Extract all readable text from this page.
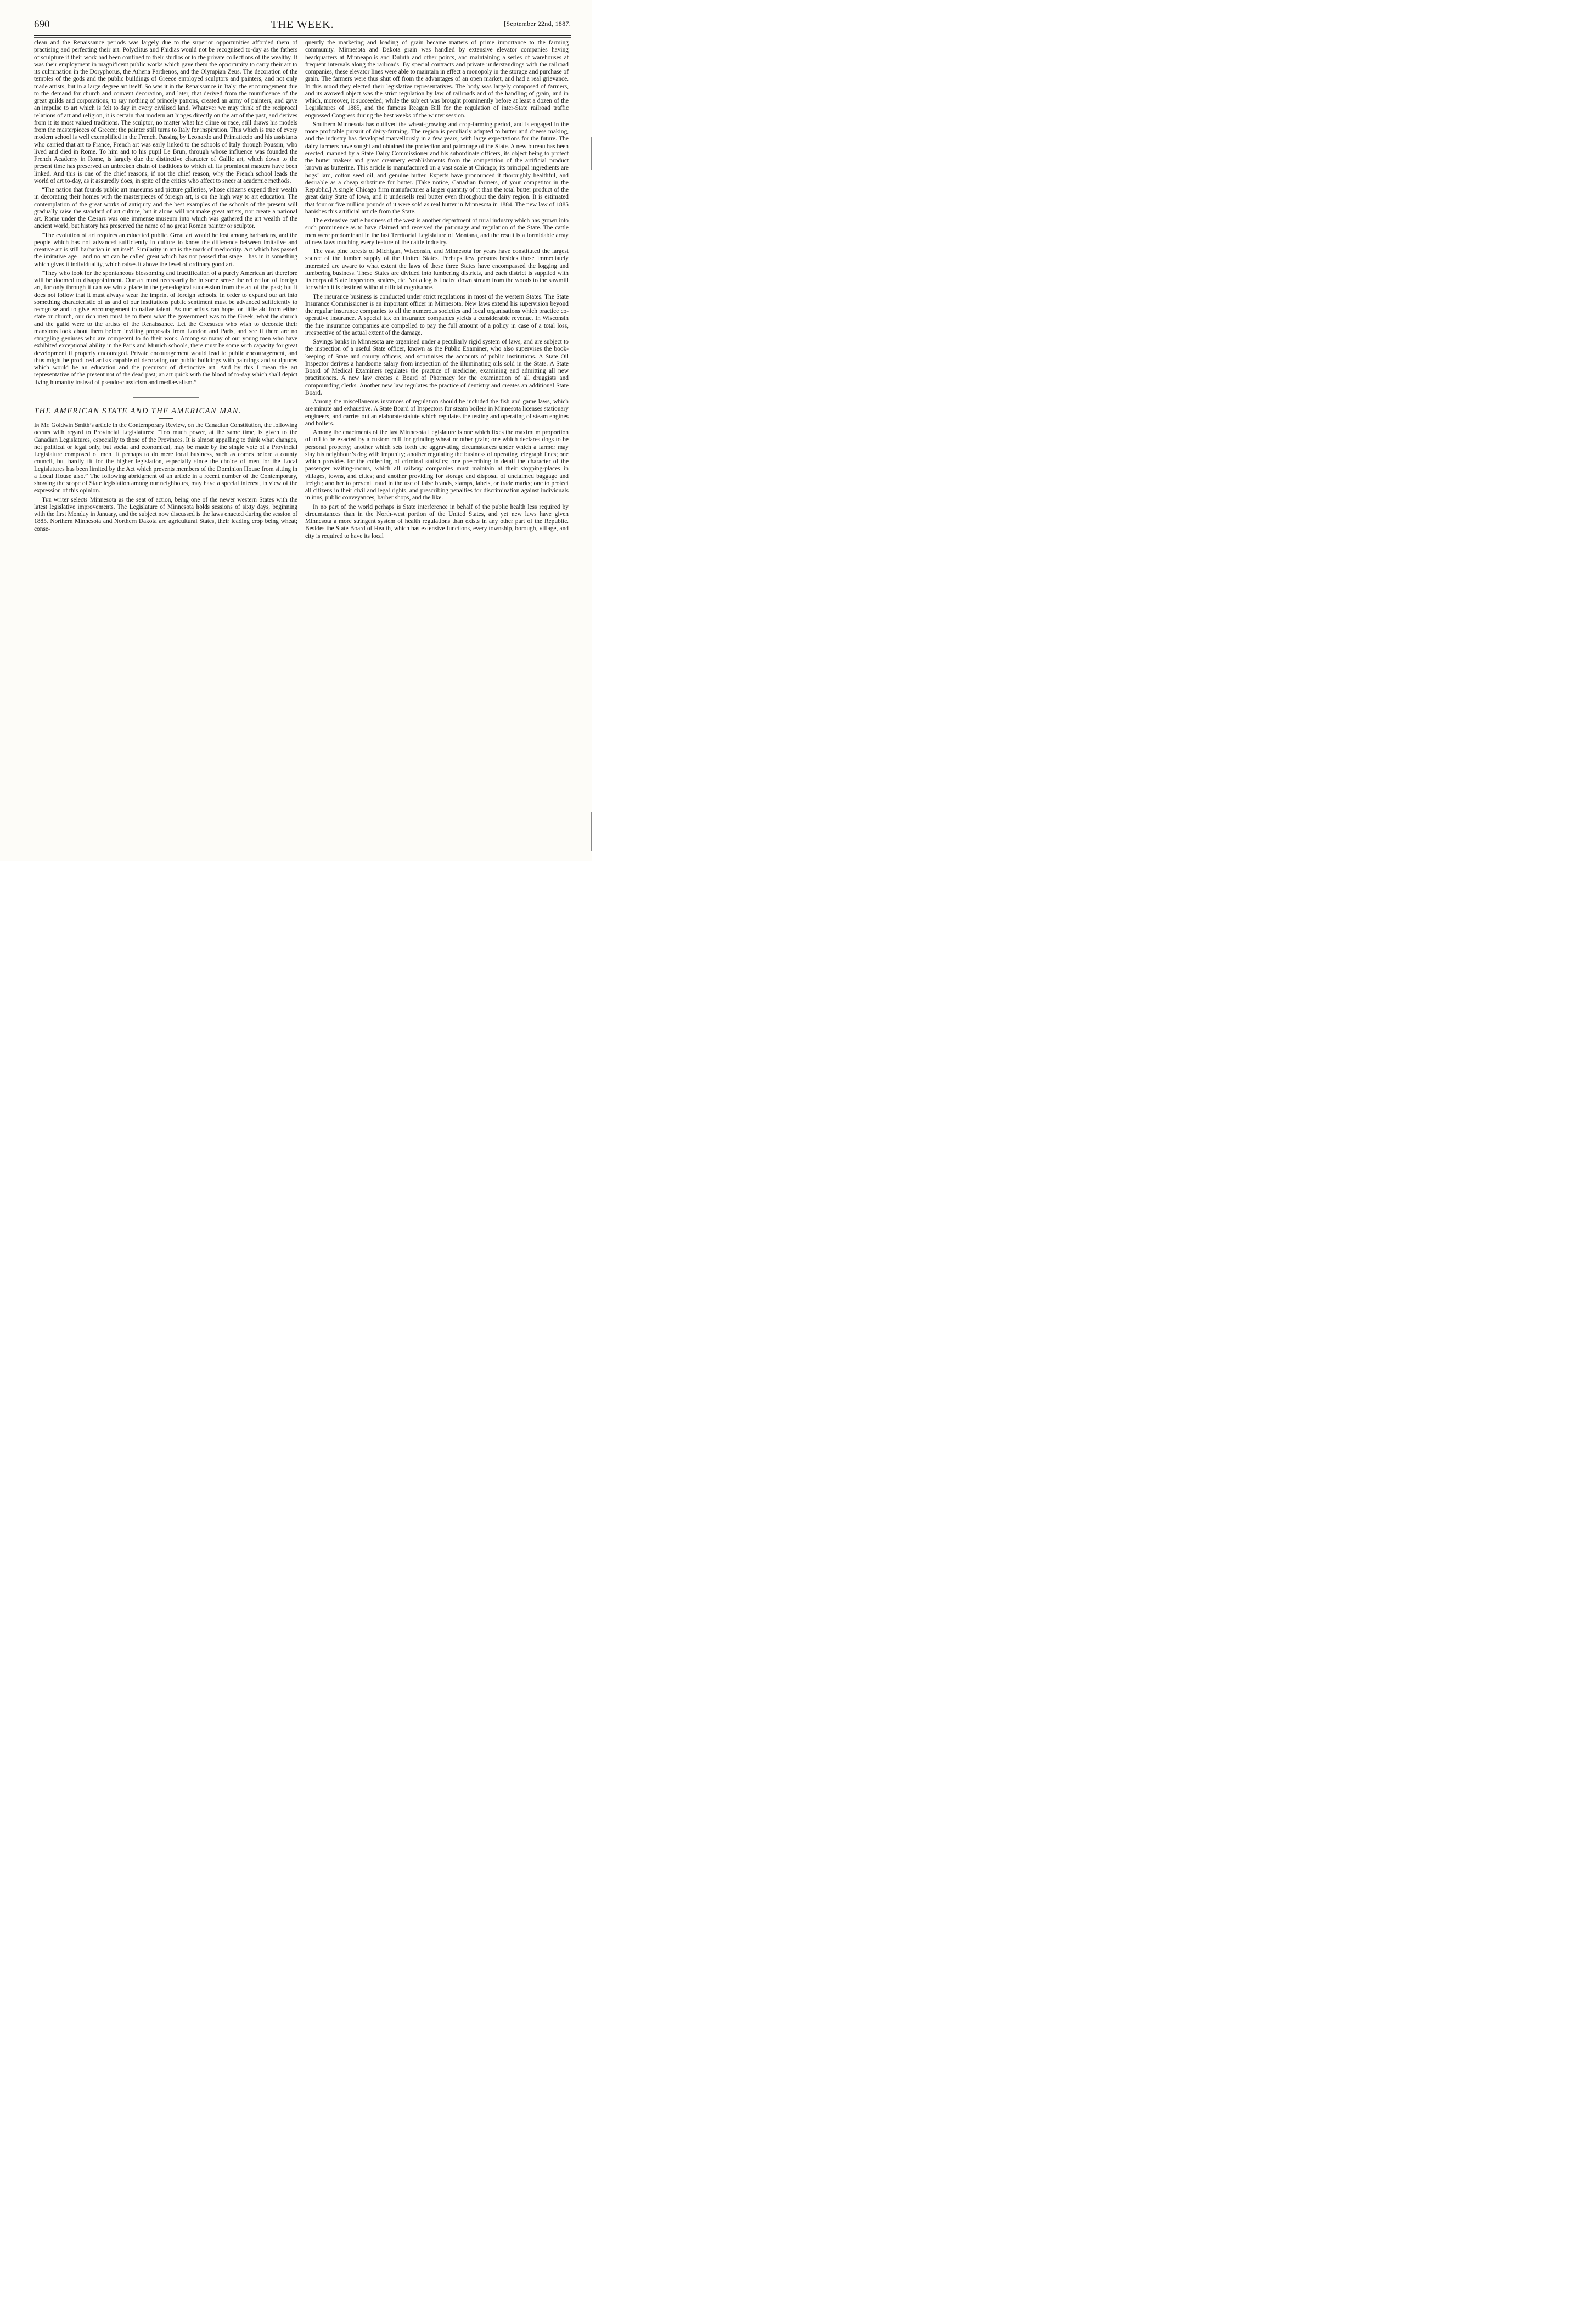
690	THE WEEK.	[September 22nd, 1887.

clean and the Renaissance periods was largely due to the superior opportunities afforded them of practising and perfecting their art. Polyclitus and Phidias would not be recognised to-day as the fathers of sculpture if their work had been confined to their studios or to the private collections of the wealthy. It was their employment in magnificent public works which gave them the opportunity to carry their art to its culmination in the Doryphorus, the Athena Parthenos, and the Olympian Zeus. The decoration of the temples of the gods and the public buildings of Greece employed sculptors and painters, and not only made artists, but in a large degree art itself. So was it in the Renaissance in Italy; the encouragement due to the demand for church and convent decoration, and later, that derived from the munificence of the great guilds and corporations, to say nothing of princely patrons, created an army of painters, and gave an impulse to art which is felt to day in every civilised land. Whatever we may think of the reciprocal relations of art and religion, it is certain that modern art hinges directly on the art of the past, and derives from it its most valued traditions. The sculptor, no matter what his clime or race, still draws his models from the masterpieces of Greece; the painter still turns to Italy for inspiration. This which is true of every modern school is well exemplified in the French. Passing by Leonardo and Primaticcio and his assistants who carried that art to France, French art was early linked to the schools of Italy through Poussin, who lived and died in Rome. To him and to his pupil Le Brun, through whose influence was founded the French Academy in Rome, is largely due the distinctive character of Gallic art, which down to the present time has preserved an unbroken chain of traditions to which all its prominent masters have been linked. And this is one of the chief reasons, if not the chief reason, why the French school leads the world of art to-day, as it assuredly does, in spite of the critics who affect to sneer at academic methods.

“The nation that founds public art museums and picture galleries, whose citizens expend their wealth in decorating their homes with the masterpieces of foreign art, is on the high way to art education. The contemplation of the great works of antiquity and the best examples of the schools of the present will gradually raise the standard of art culture, but it alone will not make great artists, nor create a national art. Rome under the Cæsars was one immense museum into which was gathered the art wealth of the ancient world, but history has preserved the name of no great Roman painter or sculptor.

“The evolution of art requires an educated public. Great art would be lost among barbarians, and the people which has not advanced sufficiently in culture to know the difference between imitative and creative art is still barbarian in art itself. Similarity in art is the mark of mediocrity. Art which has passed the imitative age—and no art can be called great which has not passed that stage—has in it something which gives it individuality, which raises it above the level of ordinary good art.

“They who look for the spontaneous blossoming and fructification of a purely American art therefore will be doomed to disappointment. Our art must necessarily be in some sense the reflection of foreign art, for only through it can we win a place in the genealogical succession from the art of the past; but it does not follow that it must always wear the imprint of foreign schools. In order to expand our art into something characteristic of us and of our institutions public sentiment must be advanced sufficiently to recognise and to give encouragement to native talent. As our artists can hope for little aid from either state or church, our rich men must be to them what the government was to the Greek, what the church and the guild were to the artists of the Renaissance. Let the Crœsuses who wish to decorate their mansions look about them before inviting proposals from London and Paris, and see if there are no struggling geniuses who are competent to do their work. Among so many of our young men who have exhibited exceptional ability in the Paris and Munich schools, there must be some with capacity for great development if properly encouraged. Private encouragement would lead to public encouragement, and thus might be produced artists capable of decorating our public buildings with paintings and sculptures which would be an education and the precursor of distinctive art. And by this I mean the art representative of the present not of the dead past; an art quick with the blood of to-day which shall depict living humanity instead of pseudo-classicism and mediævalism.”

THE AMERICAN STATE AND THE AMERICAN MAN.

In Mr. Goldwin Smith’s article in the Contemporary Review, on the Canadian Constitution, the following occurs with regard to Provincial Legislatures: “Too much power, at the same time, is given to the Canadian Legislatures, especially to those of the Provinces. It is almost appalling to think what changes, not political or legal only, but social and economical, may be made by the single vote of a Provincial Legislature composed of men fit perhaps to do mere local business, such as comes before a county council, but hardly fit for the higher legislation, especially since the choice of men for the Local Legislatures has been limited by the Act which prevents members of the Dominion House from sitting in a Local House also.” The following abridgment of an article in a recent number of the Contemporary, showing the scope of State legislation among our neighbours, may have a special interest, in view of the expression of this opinion.

The writer selects Minnesota as the seat of action, being one of the newer western States with the latest legislative improvements. The Legislature of Minnesota holds sessions of sixty days, beginning with the first Monday in January, and the subject now discussed is the laws enacted during the session of 1885. Northern Minnesota and Northern Dakota are agricultural States, their leading crop being wheat; conse-

quently the marketing and loading of grain became matters of prime importance to the farming community. Minnesota and Dakota grain was handled by extensive elevator companies having headquarters at Minneapolis and Duluth and other points, and maintaining a series of warehouses at frequent intervals along the railroads. By special contracts and private understandings with the railroad companies, these elevator lines were able to maintain in effect a monopoly in the storage and purchase of grain. The farmers were thus shut off from the advantages of an open market, and had a real grievance. In this mood they elected their legislative representatives. The body was largely composed of farmers, and its avowed object was the strict regulation by law of railroads and of the handling of grain, and in which, moreover, it succeeded; while the subject was brought prominently before at least a dozen of the Legislatures of 1885, and the famous Reagan Bill for the regulation of inter-State railroad traffic engrossed Congress during the best weeks of the winter session.

Southern Minnesota has outlived the wheat-growing and crop-farming period, and is engaged in the more profitable pursuit of dairy-farming. The region is peculiarly adapted to butter and cheese making, and the industry has developed marvellously in a few years, with large expectations for the future. The dairy farmers have sought and obtained the protection and patronage of the State. A new bureau has been erected, manned by a State Dairy Commissioner and his subordinate officers, its object being to protect the butter makers and great creamery establishments from the competition of the artificial product known as butterine. This article is manufactured on a vast scale at Chicago; its principal ingredients are hogs’ lard, cotton seed oil, and genuine butter. Experts have pronounced it thoroughly healthful, and desirable as a cheap substitute for butter. [Take notice, Canadian farmers, of your competitor in the Republic.] A single Chicago firm manufactures a larger quantity of it than the total butter product of the great dairy State of Iowa, and it undersells real butter even throughout the dairy region. It is estimated that four or five million pounds of it were sold as real butter in Minnesota in 1884. The new law of 1885 banishes this artificial article from the State.

The extensive cattle business of the west is another department of rural industry which has grown into such prominence as to have claimed and received the patronage and regulation of the State. The cattle men were predominant in the last Territorial Legislature of Montana, and the result is a formidable array of new laws touching every feature of the cattle industry.

The vast pine forests of Michigan, Wisconsin, and Minnesota for years have constituted the largest source of the lumber supply of the United States. Perhaps few persons besides those immediately interested are aware to what extent the laws of these three States have encompassed the logging and lumbering business. These States are divided into lumbering districts, and each district is supplied with its corps of State inspectors, scalers, etc. Not a log is floated down stream from the woods to the sawmill for which it is destined without official cognisance.

The insurance business is conducted under strict regulations in most of the western States. The State Insurance Commissioner is an important officer in Minnesota. New laws extend his supervision beyond the regular insurance companies to all the numerous societies and local organisations which practice co-operative insurance. A special tax on insurance companies yields a considerable revenue. In Wisconsin the fire insurance companies are compelled to pay the full amount of a policy in case of a total loss, irrespective of the actual extent of the damage.

Savings banks in Minnesota are organised under a peculiarly rigid system of laws, and are subject to the inspection of a useful State officer, known as the Public Examiner, who also supervises the book-keeping of State and county officers, and scrutinises the accounts of public institutions. A State Oil Inspector derives a handsome salary from inspection of the illuminating oils sold in the State. A State Board of Medical Examiners regulates the practice of medicine, examining and admitting all new practitioners. A new law creates a Board of Pharmacy for the examination of all druggists and compounding clerks. Another new law regulates the practice of dentistry and creates an additional State Board.

Among the miscellaneous instances of regulation should be included the fish and game laws, which are minute and exhaustive. A State Board of Inspectors for steam boilers in Minnesota licenses stationary engineers, and carries out an elaborate statute which regulates the testing and operating of steam engines and boilers.

Among the enactments of the last Minnesota Legislature is one which fixes the maximum proportion of toll to be exacted by a custom mill for grinding wheat or other grain; one which declares dogs to be personal property; another which sets forth the aggravating circumstances under which a farmer may slay his neighbour’s dog with impunity; another regulating the business of operating telegraph lines; one which provides for the collecting of criminal statistics; one prescribing in detail the character of the passenger waiting-rooms, which all railway companies must maintain at their stopping-places in villages, towns, and cities; and another providing for storage and disposal of unclaimed baggage and freight; another to prevent fraud in the use of false brands, stamps, labels, or trade marks; one to protect all citizens in their civil and legal rights, and prescribing penalties for discrimination against individuals in inns, public conveyances, barber shops, and the like.

In no part of the world perhaps is State interference in behalf of the public health less required by circumstances than in the North-west portion of the United States, and yet new laws have given Minnesota a more stringent system of health regulations than exists in any other part of the Republic. Besides the State Board of Health, which has extensive functions, every township, borough, village, and city is required to have its local
